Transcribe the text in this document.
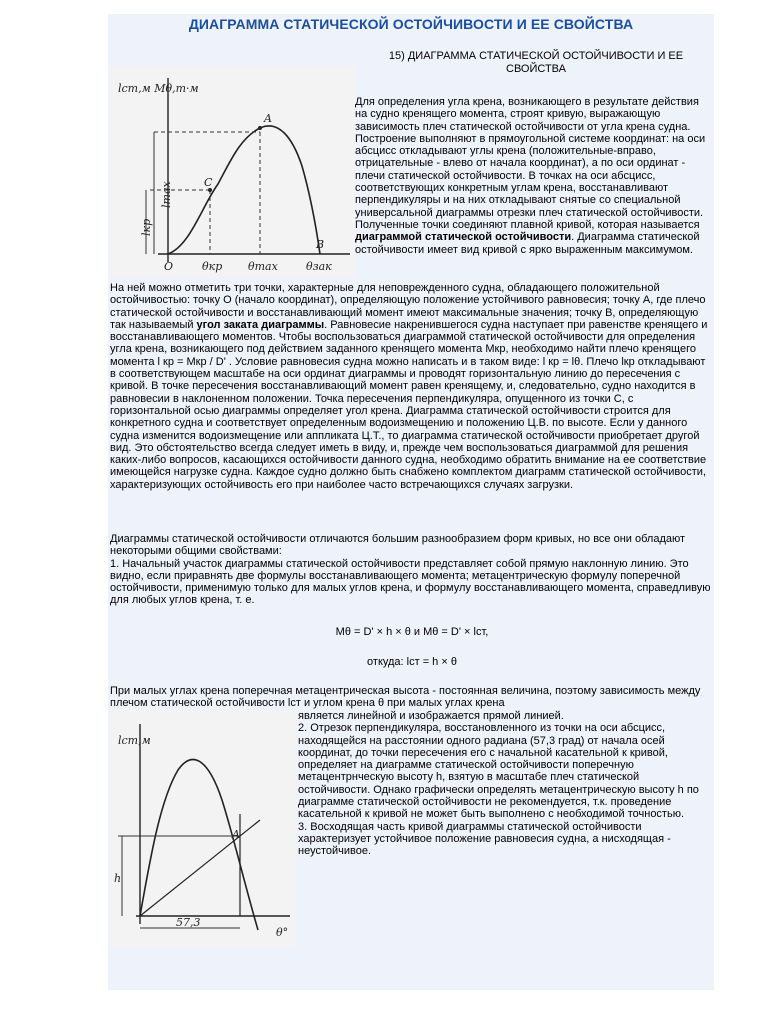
ДИАГРАММА СТАТИЧЕСКОЙ ОСТОЙЧИВОСТИ И ЕЕ СВОЙСТВА
15) ДИАГРАММА СТАТИЧЕСКОЙ ОСТОЙЧИВОСТИ И ЕЕ СВОЙСТВА
lст,м Mθ,т·м
A
C
B
O
lmax
lкр
θкр θmax	θзак

Для определения угла крена, возникающего в результате действия на судно кренящего момента, строят кривую, выражающую зависимость плеч статической остойчивости от угла крена судна. Построение выполняют в прямоугольной системе координат: на оси абсцисс откладывают углы крена (положительные-вправо, отрицательные - влево от начала координат), а по оси ординат - плечи статической остойчивости. В точках на оси абсцисс, соответствующих конкретным углам крена, восстанавливают перпендикуляры и на них откладывают снятые со специальной универсальной диаграммы отрезки плеч статической остойчивости. Полученные точки соединяют плавной кривой, которая называется диаграммой статической остойчивости. Диаграмма статической остойчивости имеет вид кривой с ярко выраженным максимумом.

На ней можно отметить три точки, характерные для неповрежденного судна, обладающего положительной остойчивостью: точку О (начало координат), определяющую положение устойчивого равновесия; точку А, где плечо статической остойчивости и восстанавливающий момент имеют максимальные значения; точку В, определяющую так называемый угол заката диаграммы. Равновесие накренившегося судна наступает при равенстве кренящего и восстанавливающего моментов. Чтобы воспользоваться диаграммой статической остойчивости для определения угла крена, возникающего под действием заданного кренящего момента Мкр, необходимо найти плечо кренящего момента l кр = Мкр / D' . Условие равновесия судна можно написать и в таком виде: l кр = lθ. Плечо lкр откладывают в соответствующем масштабе на оси ординат диаграммы и проводят горизонтальную линию до пересечения с кривой. В точке пересечения восстанавливающий момент равен кренящему, и, следовательно, судно находится в равновесии в наклоненном положении. Точка пересечения перпендикуляра, опущенного из точки С, с горизонтальной осью диаграммы определяет угол крена. Диаграмма статической остойчивости строится для конкретного судна и соответствует определенным водоизмещению и положению Ц.В. по высоте. Если у данного судна изменится водоизмещение или аппликата Ц.Т., то диаграмма статической остойчивости приобретает другой вид. Это обстоятельство всегда следует иметь в виду, и, прежде чем воспользоваться диаграммой для решения каких-либо вопросов, касающихся остойчивости данного судна, необходимо обратить внимание на ее соответствие имеющейся нагрузке судна. Каждое судно должно быть снабжено комплектом диаграмм статической остойчивости, характеризующих остойчивость его при наиболее часто встречающихся случаях загрузки.

Диаграммы статической остойчивости отличаются большим разнообразием форм кривых, но все они обладают некоторыми общими свойствами:
1. Начальный участок диаграммы статической остойчивости представляет собой прямую наклонную линию. Это видно, если приравнять две формулы восстанавливающего момента; метацентрическую формулу поперечной остойчивости, применимую только для малых углов крена, и формулу восстанавливающего момента, справедливую для любых углов крена, т. е.

Mθ = D' × h × θ и Mθ = D' × lст,
откуда: lст = h × θ

При малых углах крена поперечная метацентрическая высота - постоянная величина, поэтому зависимость между плечом статической остойчивости lст и углом крена θ при малых углах крена

lст,м
A
h
57,3
θ°

является линейной и изображается прямой линией.
2. Отрезок перпендикуляра, восстановленного из точки на оси абсцисс, находящейся на расстоянии одного радиана (57,3 град) от начала осей координат, до точки пересечения его с начальной касательной к кривой, определяет на диаграмме статической остойчивости поперечную метацентрнческую высоту h, взятую в масштабе плеч статической остойчивости. Однако графически определять метацентрическую высоту h по диаграмме статической остойчивости не рекомендуется, т.к. проведение касательной к кривой не может быть выполнено с необходимой точностью.
3. Восходящая часть кривой диаграммы статической остойчивости характеризует устойчивое положение равновесия судна, а нисходящая - неустойчивое.
